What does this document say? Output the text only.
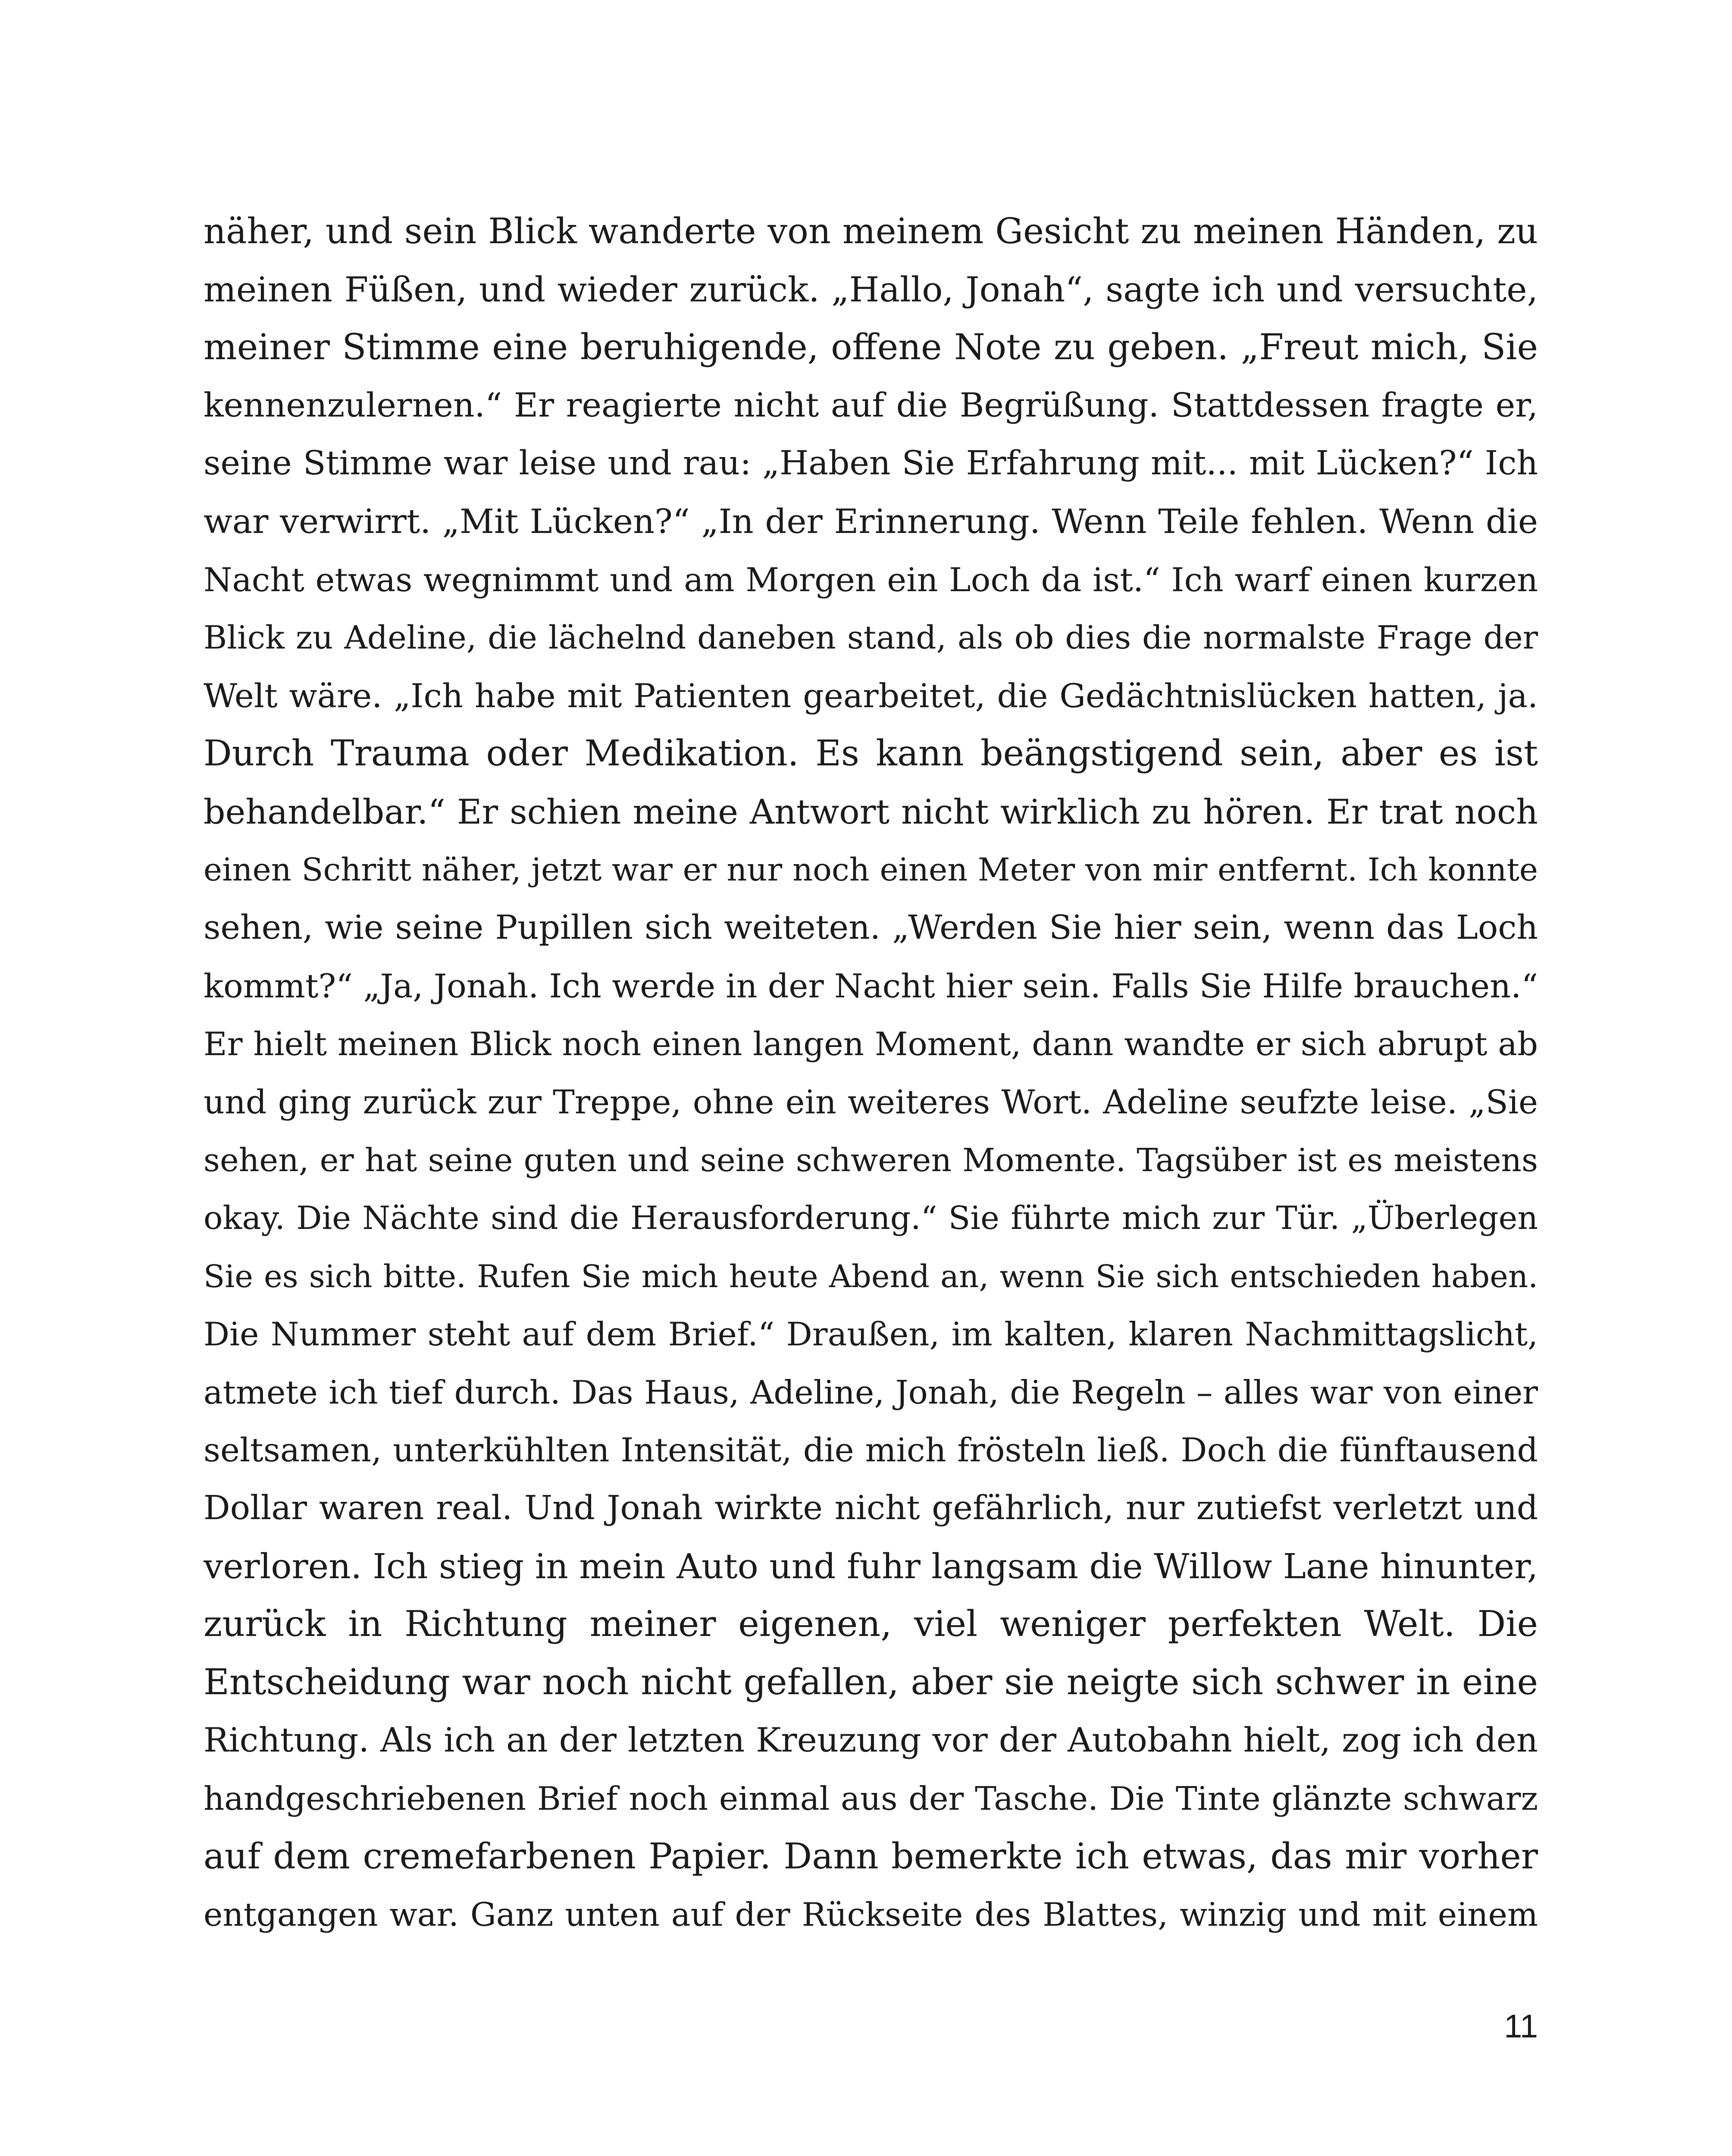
näher, und sein Blick wanderte von meinem Gesicht zu meinen Händen, zu
meinen Füßen, und wieder zurück. „Hallo, Jonah“, sagte ich und versuchte,
meiner Stimme eine beruhigende, offene Note zu geben. „Freut mich, Sie
kennenzulernen.“ Er reagierte nicht auf die Begrüßung. Stattdessen fragte er,
seine Stimme war leise und rau: „Haben Sie Erfahrung mit... mit Lücken?“ Ich
war verwirrt. „Mit Lücken?“ „In der Erinnerung. Wenn Teile fehlen. Wenn die
Nacht etwas wegnimmt und am Morgen ein Loch da ist.“ Ich warf einen kurzen
Blick zu Adeline, die lächelnd daneben stand, als ob dies die normalste Frage der
Welt wäre. „Ich habe mit Patienten gearbeitet, die Gedächtnislücken hatten, ja.
Durch Trauma oder Medikation. Es kann beängstigend sein, aber es ist
behandelbar.“ Er schien meine Antwort nicht wirklich zu hören. Er trat noch
einen Schritt näher, jetzt war er nur noch einen Meter von mir entfernt. Ich konnte
sehen, wie seine Pupillen sich weiteten. „Werden Sie hier sein, wenn das Loch
kommt?“ „Ja, Jonah. Ich werde in der Nacht hier sein. Falls Sie Hilfe brauchen.“
Er hielt meinen Blick noch einen langen Moment, dann wandte er sich abrupt ab
und ging zurück zur Treppe, ohne ein weiteres Wort. Adeline seufzte leise. „Sie
sehen, er hat seine guten und seine schweren Momente. Tagsüber ist es meistens
okay. Die Nächte sind die Herausforderung.“ Sie führte mich zur Tür. „Überlegen
Sie es sich bitte. Rufen Sie mich heute Abend an, wenn Sie sich entschieden haben.
Die Nummer steht auf dem Brief.“ Draußen, im kalten, klaren Nachmittagslicht,
atmete ich tief durch. Das Haus, Adeline, Jonah, die Regeln – alles war von einer
seltsamen, unterkühlten Intensität, die mich frösteln ließ. Doch die fünftausend
Dollar waren real. Und Jonah wirkte nicht gefährlich, nur zutiefst verletzt und
verloren. Ich stieg in mein Auto und fuhr langsam die Willow Lane hinunter,
zurück in Richtung meiner eigenen, viel weniger perfekten Welt. Die
Entscheidung war noch nicht gefallen, aber sie neigte sich schwer in eine
Richtung. Als ich an der letzten Kreuzung vor der Autobahn hielt, zog ich den
handgeschriebenen Brief noch einmal aus der Tasche. Die Tinte glänzte schwarz
auf dem cremefarbenen Papier. Dann bemerkte ich etwas, das mir vorher
entgangen war. Ganz unten auf der Rückseite des Blattes, winzig und mit einem
11
